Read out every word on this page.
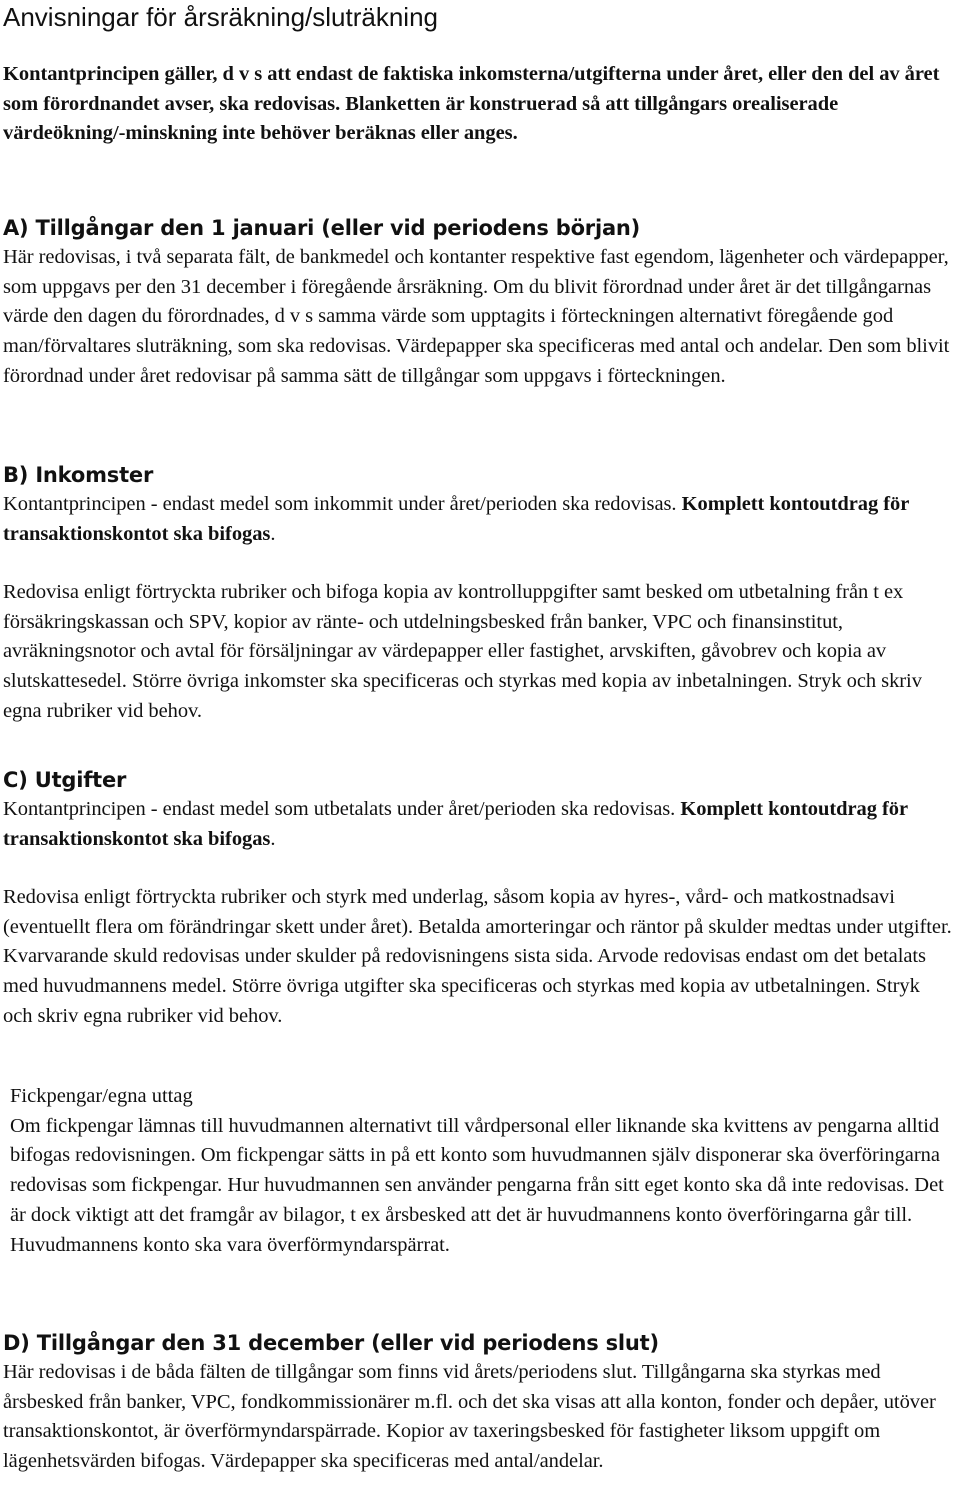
Anvisningar för årsräkning/sluträkning

Kontantprincipen gäller, d v s att endast de faktiska inkomsterna/utgifterna under året, eller den del av året som förordnandet avser, ska redovisas. Blanketten är konstruerad så att tillgångars orealiserade värdeökning/-minskning inte behöver beräknas eller anges.

A) Tillgångar den 1 januari (eller vid periodens början)

Här redovisas, i två separata fält, de bankmedel och kontanter respektive fast egendom, lägenheter och värdepapper, som uppgavs per den 31 december i föregående årsräkning. Om du blivit förordnad under året är det tillgångarnas värde den dagen du förordnades, d v s samma värde som upptagits i förteckningen alternativt föregående god man/förvaltares sluträkning, som ska redovisas. Värdepapper ska specificeras med antal och andelar. Den som blivit förordnad under året redovisar på samma sätt de tillgångar som uppgavs i förteckningen.

B) Inkomster

Kontantprincipen - endast medel som inkommit under året/perioden ska redovisas. Komplett kontoutdrag för transaktionskontot ska bifogas.

Redovisa enligt förtryckta rubriker och bifoga kopia av kontrolluppgifter samt besked om utbetalning från t ex försäkringskassan och SPV, kopior av ränte- och utdelningsbesked från banker, VPC och finansinstitut, avräkningsnotor och avtal för försäljningar av värdepapper eller fastighet, arvskiften, gåvobrev och kopia av slutskattesedel. Större övriga inkomster ska specificeras och styrkas med kopia av inbetalningen. Stryk och skriv egna rubriker vid behov.

C) Utgifter

Kontantprincipen - endast medel som utbetalats under året/perioden ska redovisas. Komplett kontoutdrag för transaktionskontot ska bifogas.

Redovisa enligt förtryckta rubriker och styrk med underlag, såsom kopia av hyres-, vård- och matkostnadsavi (eventuellt flera om förändringar skett under året). Betalda amorteringar och räntor på skulder medtas under utgifter. Kvarvarande skuld redovisas under skulder på redovisningens sista sida. Arvode redovisas endast om det betalats med huvudmannens medel. Större övriga utgifter ska specificeras och styrkas med kopia av utbetalningen. Stryk och skriv egna rubriker vid behov.

Fickpengar/egna uttag

Om fickpengar lämnas till huvudmannen alternativt till vårdpersonal eller liknande ska kvittens av pengarna alltid bifogas redovisningen. Om fickpengar sätts in på ett konto som huvudmannen själv disponerar ska överföringarna redovisas som fickpengar. Hur huvudmannen sen använder pengarna från sitt eget konto ska då inte redovisas. Det är dock viktigt att det framgår av bilagor, t ex årsbesked att det är huvudmannens konto överföringarna går till. Huvudmannens konto ska vara överförmyndarspärrat.

D) Tillgångar den 31 december (eller vid periodens slut)

Här redovisas i de båda fälten de tillgångar som finns vid årets/periodens slut. Tillgångarna ska styrkas med årsbesked från banker, VPC, fondkommissionärer m.fl. och det ska visas att alla konton, fonder och depåer, utöver transaktionskontot, är överförmyndarspärrade. Kopior av taxeringsbesked för fastigheter liksom uppgift om lägenhetsvärden bifogas. Värdepapper ska specificeras med antal/andelar.
